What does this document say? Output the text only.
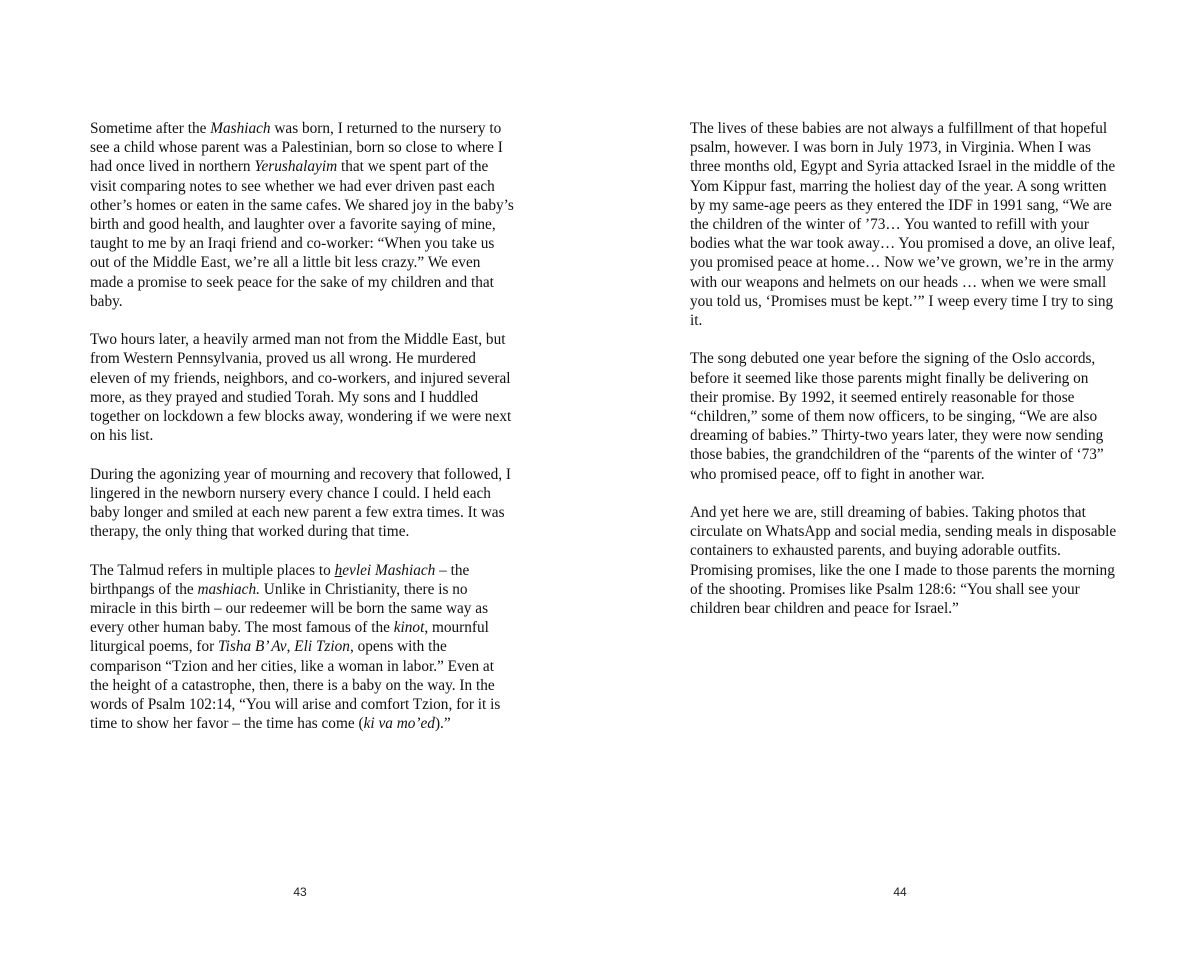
Sometime after the Mashiach was born, I returned to the nursery to see a child whose parent was a Palestinian, born so close to where I had once lived in northern Yerushalayim that we spent part of the visit comparing notes to see whether we had ever driven past each other’s homes or eaten in the same cafes. We shared joy in the baby’s birth and good health, and laughter over a favorite saying of mine, taught to me by an Iraqi friend and co-worker: “When you take us out of the Middle East, we’re all a little bit less crazy.” We even made a promise to seek peace for the sake of my children and that baby.

Two hours later, a heavily armed man not from the Middle East, but from Western Pennsylvania, proved us all wrong. He murdered eleven of my friends, neighbors, and co-workers, and injured several more, as they prayed and studied Torah. My sons and I huddled together on lockdown a few blocks away, wondering if we were next on his list.

During the agonizing year of mourning and recovery that followed, I lingered in the newborn nursery every chance I could. I held each baby longer and smiled at each new parent a few extra times. It was therapy, the only thing that worked during that time.

The Talmud refers in multiple places to hevlei Mashiach – the birthpangs of the mashiach. Unlike in Christianity, there is no miracle in this birth – our redeemer will be born the same way as every other human baby. The most famous of the kinot, mournful liturgical poems, for Tisha B’ Av, Eli Tzion, opens with the comparison “Tzion and her cities, like a woman in labor.” Even at the height of a catastrophe, then, there is a baby on the way. In the words of Psalm 102:14, “You will arise and comfort Tzion, for it is time to show her favor – the time has come (ki va mo’ed).”

43

The lives of these babies are not always a fulfillment of that hopeful psalm, however. I was born in July 1973, in Virginia. When I was three months old, Egypt and Syria attacked Israel in the middle of the Yom Kippur fast, marring the holiest day of the year. A song written by my same-age peers as they entered the IDF in 1991 sang, “We are the children of the winter of ’73… You wanted to refill with your bodies what the war took away… You promised a dove, an olive leaf, you promised peace at home… Now we’ve grown, we’re in the army with our weapons and helmets on our heads … when we were small you told us, ‘Promises must be kept.’” I weep every time I try to sing it.

The song debuted one year before the signing of the Oslo accords, before it seemed like those parents might finally be delivering on their promise. By 1992, it seemed entirely reasonable for those “children,” some of them now officers, to be singing, “We are also dreaming of babies.” Thirty-two years later, they were now sending those babies, the grandchildren of the “parents of the winter of ‘73” who promised peace, off to fight in another war.

And yet here we are, still dreaming of babies. Taking photos that circulate on WhatsApp and social media, sending meals in disposable containers to exhausted parents, and buying adorable outfits. Promising promises, like the one I made to those parents the morning of the shooting. Promises like Psalm 128:6: “You shall see your children bear children and peace for Israel.”

44
